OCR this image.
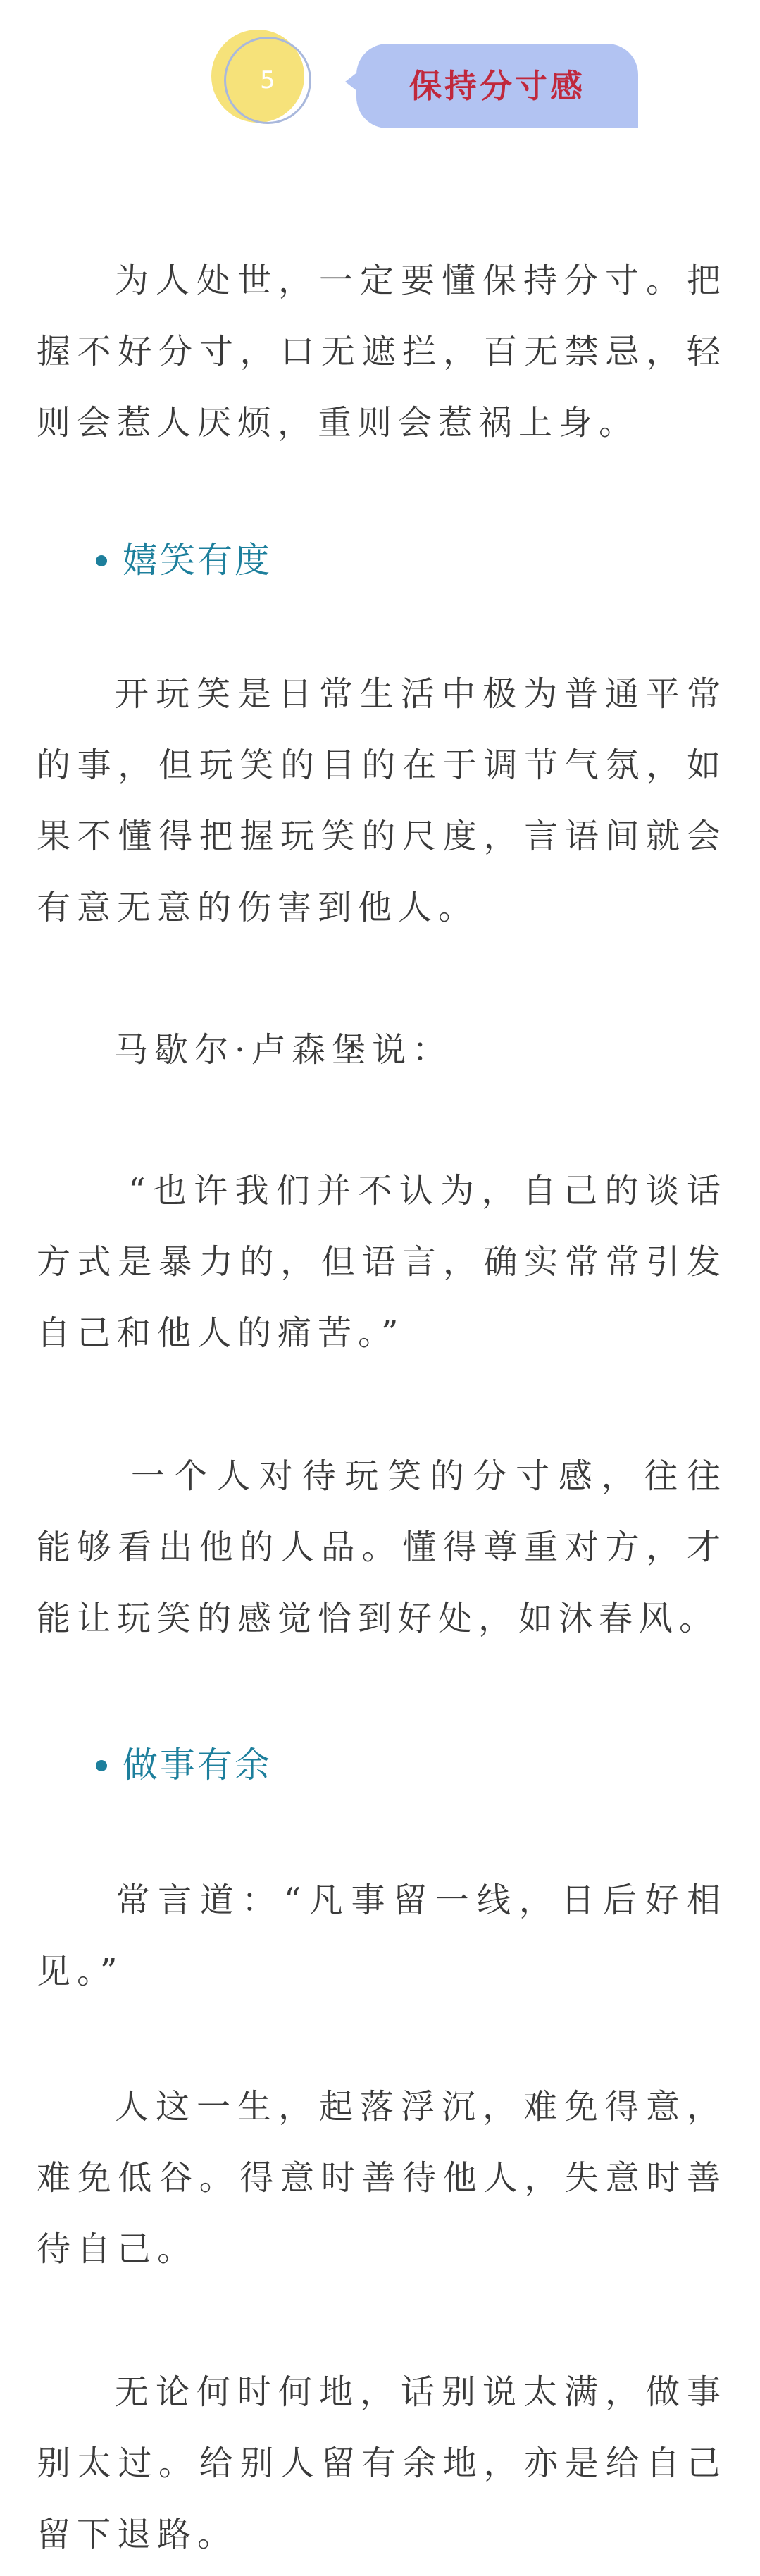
5	保持分寸感

为人处世，一定要懂保持分寸。把握不好分寸，口无遮拦，百无禁忌，轻则会惹人厌烦，重则会惹祸上身。

嬉笑有度

开玩笑是日常生活中极为普通平常的事，但玩笑的目的在于调节气氛，如果不懂得把握玩笑的尺度，言语间就会有意无意的伤害到他人。

马歇尔·卢森堡说：

“也许我们并不认为，自己的谈话方式是暴力的，但语言，确实常常引发自己和他人的痛苦。”

一个人对待玩笑的分寸感，往往能够看出他的人品。懂得尊重对方，才能让玩笑的感觉恰到好处，如沐春风。

做事有余

常言道：“凡事留一线，日后好相见。”

人这一生，起落浮沉，难免得意，难免低谷。得意时善待他人，失意时善待自己。

无论何时何地，话别说太满，做事别太过。给别人留有余地，亦是给自己留下退路。
